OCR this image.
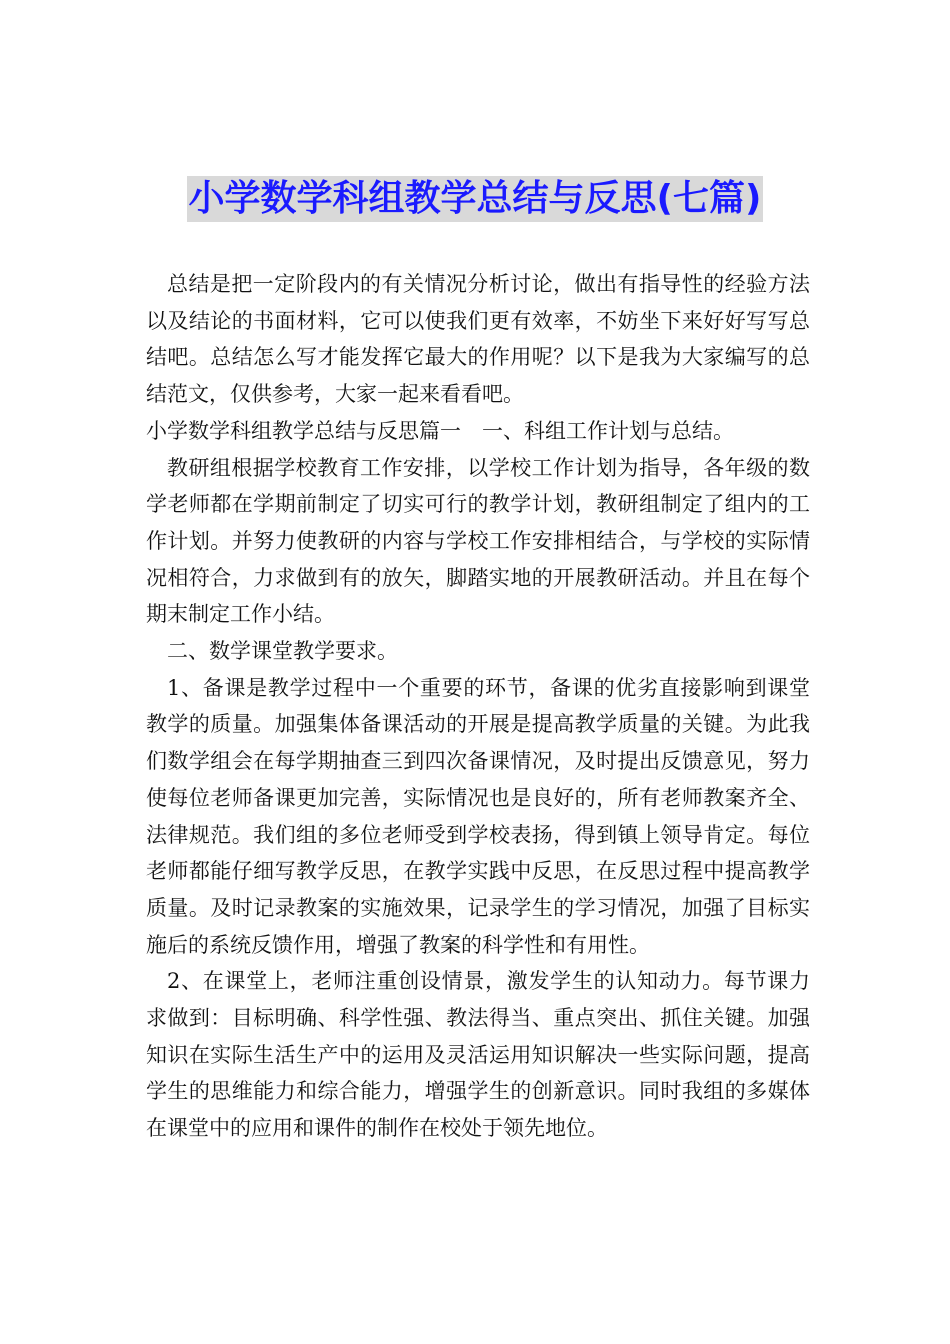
小学数学科组教学总结与反思(七篇)

总结是把一定阶段内的有关情况分析讨论，做出有指导性的经验方法以及结论的书面材料，它可以使我们更有效率，不妨坐下来好好写写总结吧。总结怎么写才能发挥它最大的作用呢？以下是我为大家编写的总结范文，仅供参考，大家一起来看看吧。

小学数学科组教学总结与反思篇一　一、科组工作计划与总结。

教研组根据学校教育工作安排，以学校工作计划为指导，各年级的数学老师都在学期前制定了切实可行的教学计划，教研组制定了组内的工作计划。并努力使教研的内容与学校工作安排相结合，与学校的实际情况相符合，力求做到有的放矢，脚踏实地的开展教研活动。并且在每个期末制定工作小结。

二、数学课堂教学要求。

1、备课是教学过程中一个重要的环节，备课的优劣直接影响到课堂教学的质量。加强集体备课活动的开展是提高教学质量的关键。为此我们数学组会在每学期抽查三到四次备课情况，及时提出反馈意见，努力使每位老师备课更加完善，实际情况也是良好的，所有老师教案齐全、法律规范。我们组的多位老师受到学校表扬，得到镇上领导肯定。每位老师都能仔细写教学反思，在教学实践中反思，在反思过程中提高教学质量。及时记录教案的实施效果，记录学生的学习情况，加强了目标实施后的系统反馈作用，增强了教案的科学性和有用性。

2、在课堂上，老师注重创设情景，激发学生的认知动力。每节课力求做到：目标明确、科学性强、教法得当、重点突出、抓住关键。加强知识在实际生活生产中的运用及灵活运用知识解决一些实际问题，提高学生的思维能力和综合能力，增强学生的创新意识。同时我组的多媒体在课堂中的应用和课件的制作在校处于领先地位。
